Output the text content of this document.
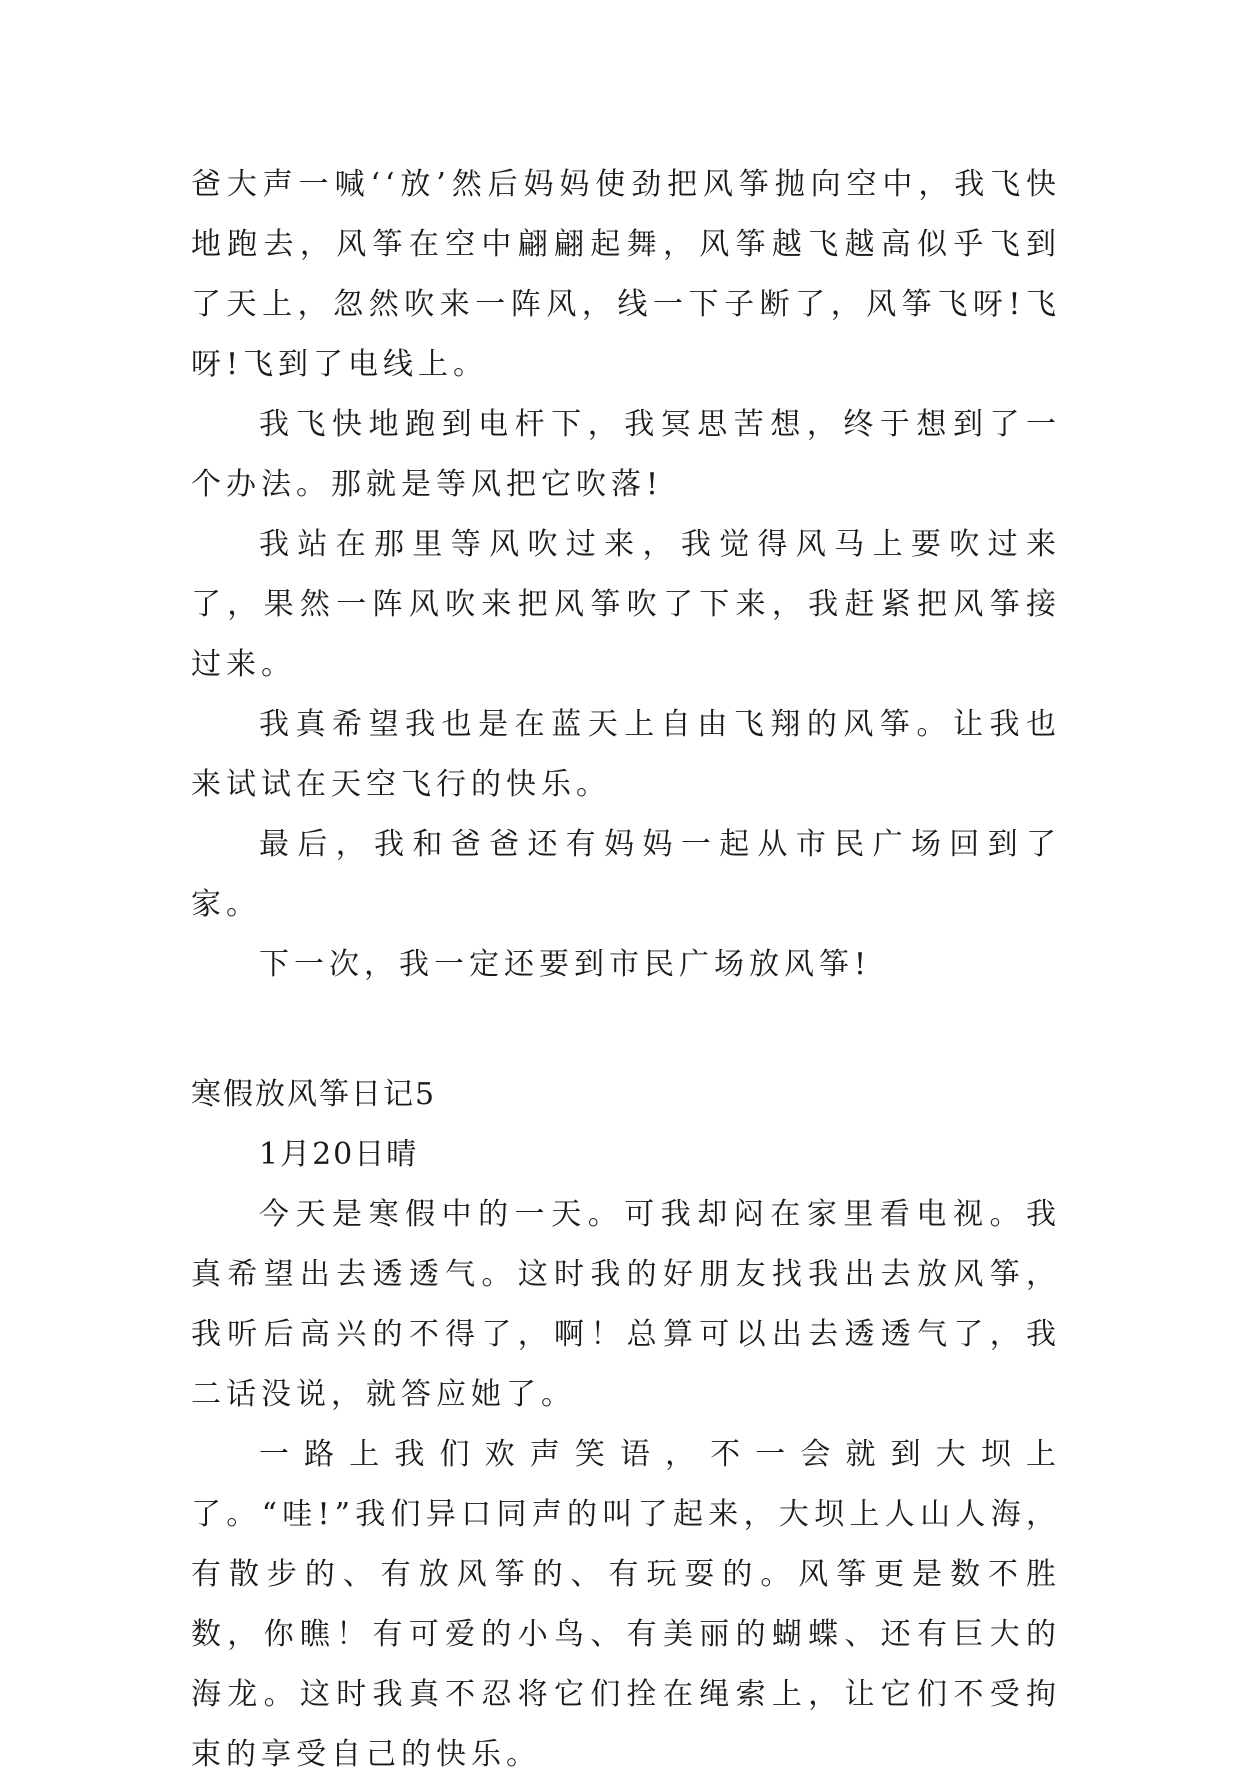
爸大声一喊‘‘放’然后妈妈使劲把风筝抛向空中，我飞快地跑去，风筝在空中翩翩起舞，风筝越飞越高似乎飞到了天上，忽然吹来一阵风，线一下子断了，风筝飞呀!飞呀!飞到了电线上。

我飞快地跑到电杆下，我冥思苦想，终于想到了一个办法。那就是等风把它吹落!

我站在那里等风吹过来，我觉得风马上要吹过来了，果然一阵风吹来把风筝吹了下来，我赶紧把风筝接过来。

我真希望我也是在蓝天上自由飞翔的风筝。让我也来试试在天空飞行的快乐。

最后，我和爸爸还有妈妈一起从市民广场回到了家。

下一次，我一定还要到市民广场放风筝!

寒假放风筝日记5

1月20日晴

今天是寒假中的一天。可我却闷在家里看电视。我真希望出去透透气。这时我的好朋友找我出去放风筝，我听后高兴的不得了，啊！总算可以出去透透气了，我二话没说，就答应她了。

一路上我们欢声笑语，不一会就到大坝上了。“哇!”我们异口同声的叫了起来，大坝上人山人海，有散步的、有放风筝的、有玩耍的。风筝更是数不胜数，你瞧！有可爱的小鸟、有美丽的蝴蝶、还有巨大的海龙。这时我真不忍将它们拴在绳索上，让它们不受拘束的享受自己的快乐。
